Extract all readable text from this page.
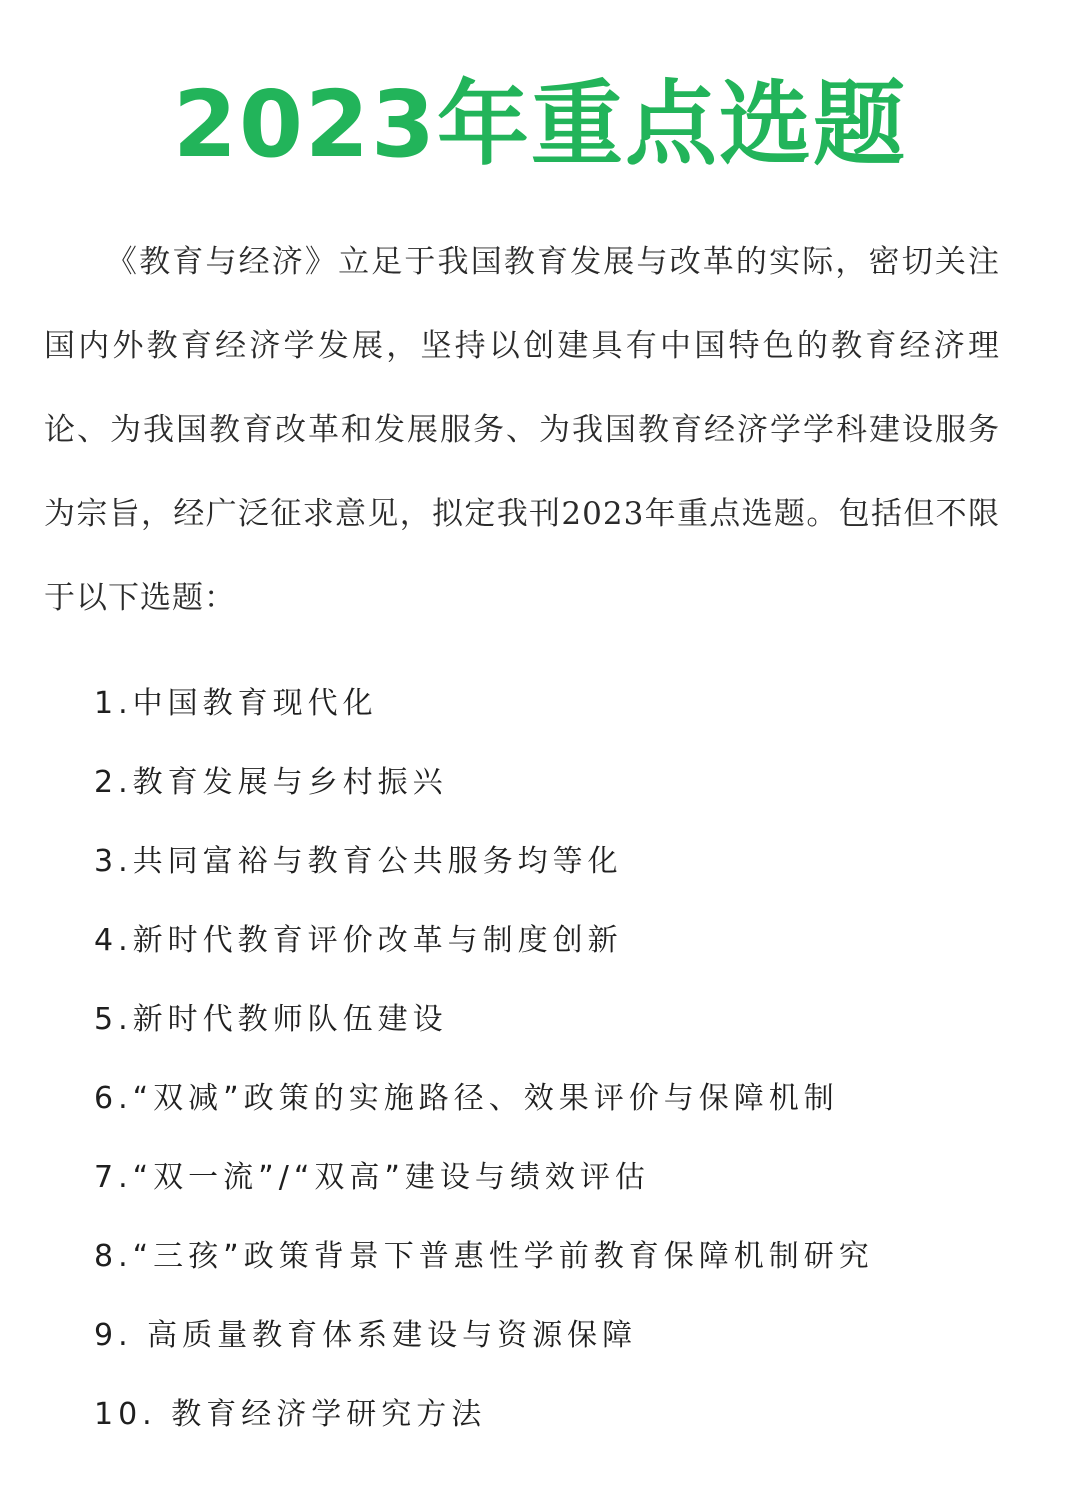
2023年重点选题

《教育与经济》立足于我国教育发展与改革的实际，密切关注国内外教育经济学发展，坚持以创建具有中国特色的教育经济理论、为我国教育改革和发展服务、为我国教育经济学学科建设服务为宗旨，经广泛征求意见，拟定我刊2023年重点选题。包括但不限于以下选题：

1.中国教育现代化
2.教育发展与乡村振兴
3.共同富裕与教育公共服务均等化
4.新时代教育评价改革与制度创新
5.新时代教师队伍建设
6.“双减”政策的实施路径、效果评价与保障机制
7.“双一流”/“双高”建设与绩效评估
8.“三孩”政策背景下普惠性学前教育保障机制研究
9. 高质量教育体系建设与资源保障
10. 教育经济学研究方法
